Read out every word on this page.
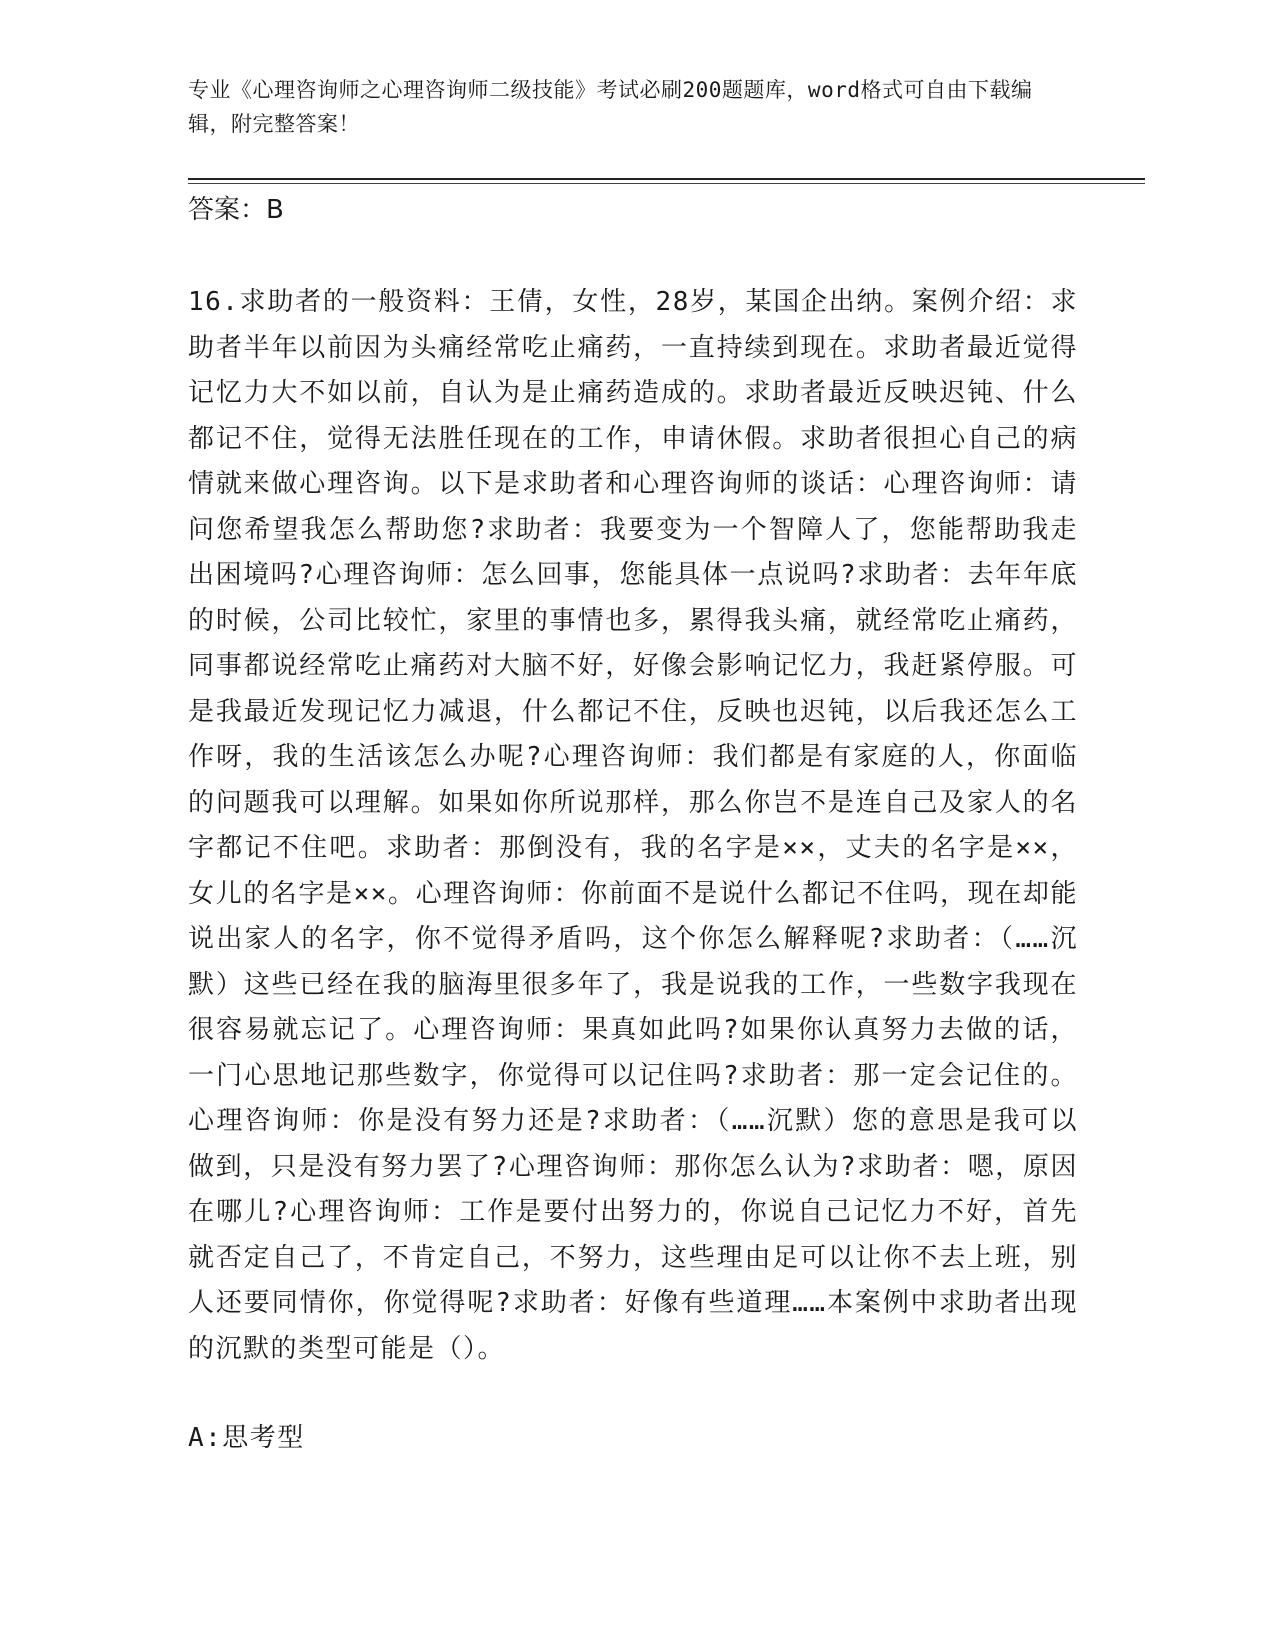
专业《心理咨询师之心理咨询师二级技能》考试必刷200题题库，word格式可自由下载编辑，附完整答案！

答案：B

16.求助者的一般资料：王倩，女性，28岁，某国企出纳。案例介绍：求助者半年以前因为头痛经常吃止痛药，一直持续到现在。求助者最近觉得记忆力大不如以前，自认为是止痛药造成的。求助者最近反映迟钝、什么都记不住，觉得无法胜任现在的工作，申请休假。求助者很担心自己的病情就来做心理咨询。以下是求助者和心理咨询师的谈话：心理咨询师：请问您希望我怎么帮助您?求助者：我要变为一个智障人了，您能帮助我走出困境吗?心理咨询师：怎么回事，您能具体一点说吗?求助者：去年年底的时候，公司比较忙，家里的事情也多，累得我头痛，就经常吃止痛药，同事都说经常吃止痛药对大脑不好，好像会影响记忆力，我赶紧停服。可是我最近发现记忆力减退，什么都记不住，反映也迟钝，以后我还怎么工作呀，我的生活该怎么办呢?心理咨询师：我们都是有家庭的人，你面临的问题我可以理解。如果如你所说那样，那么你岂不是连自己及家人的名字都记不住吧。求助者：那倒没有，我的名字是××，丈夫的名字是××，女儿的名字是××。心理咨询师：你前面不是说什么都记不住吗，现在却能说出家人的名字，你不觉得矛盾吗，这个你怎么解释呢?求助者：（……沉默）这些已经在我的脑海里很多年了，我是说我的工作，一些数字我现在很容易就忘记了。心理咨询师：果真如此吗?如果你认真努力去做的话，一门心思地记那些数字，你觉得可以记住吗?求助者：那一定会记住的。心理咨询师：你是没有努力还是?求助者：（……沉默）您的意思是我可以做到，只是没有努力罢了?心理咨询师：那你怎么认为?求助者：嗯，原因在哪儿?心理咨询师：工作是要付出努力的，你说自己记忆力不好，首先就否定自己了，不肯定自己，不努力，这些理由足可以让你不去上班，别人还要同情你，你觉得呢?求助者：好像有些道理……本案例中求助者出现的沉默的类型可能是（）。

A:思考型
